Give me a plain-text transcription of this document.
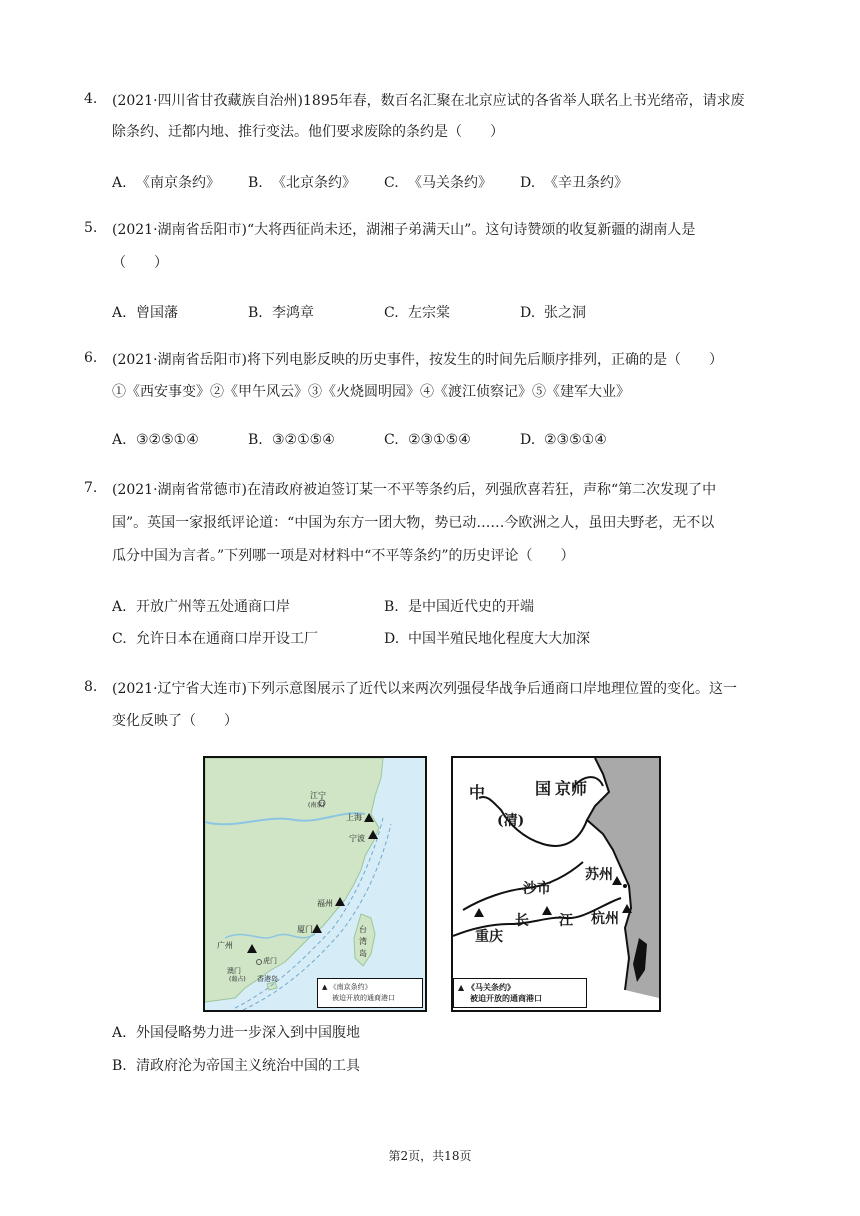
4. (2021·四川省甘孜藏族自治州)1895年春，数百名汇聚在北京应试的各省举人联名上书光绪帝，请求废
除条约、迁都内地、推行变法。他们要求废除的条约是（　　）
A. 《南京条约》 B. 《北京条约》 C. 《马关条约》 D. 《辛丑条约》
5. (2021·湖南省岳阳市)“大将西征尚未还，湖湘子弟满天山”。这句诗赞颂的收复新疆的湖南人是
（　　）
A. 曾国藩	B. 李鸿章	C. 左宗棠	D. 张之洞
6. (2021·湖南省岳阳市)将下列电影反映的历史事件，按发生的时间先后顺序排列，正确的是（　　）
①《西安事变》②《甲午风云》③《火烧圆明园》④《渡江侦察记》⑤《建军大业》
A. ③②⑤①④	B. ③②①⑤④	C. ②③①⑤④	D. ②③⑤①④
7. (2021·湖南省常德市)在清政府被迫签订某一不平等条约后，列强欣喜若狂，声称“第二次发现了中
国”。英国一家报纸评论道：“中国为东方一团大物，势已动……今欧洲之人，虽田夫野老，无不以
瓜分中国为言者。”下列哪一项是对材料中“不平等条约”的历史评论（　　）
A. 开放广州等五处通商口岸	B. 是中国近代史的开端
C. 允许日本在通商口岸开设工厂	D. 中国半殖民地化程度大大加深
8. (2021·辽宁省大连市)下列示意图展示了近代以来两次列强侵华战争后通商口岸地理位置的变化。这一
变化反映了（　　）
江宁
(南京)
上海
宁波
福州
厦门
广州
虎门
澳门
(葡占) 香港岛
台
湾
岛
▲ 《南京条约》
被迫开放的通商港口
中	国 京师
(清)
苏州
沙市
长 江 杭州
重庆
▲ 《马关条约》
被迫开放的通商港口
A. 外国侵略势力进一步深入到中国腹地
B. 清政府沦为帝国主义统治中国的工具
第2页，共18页
